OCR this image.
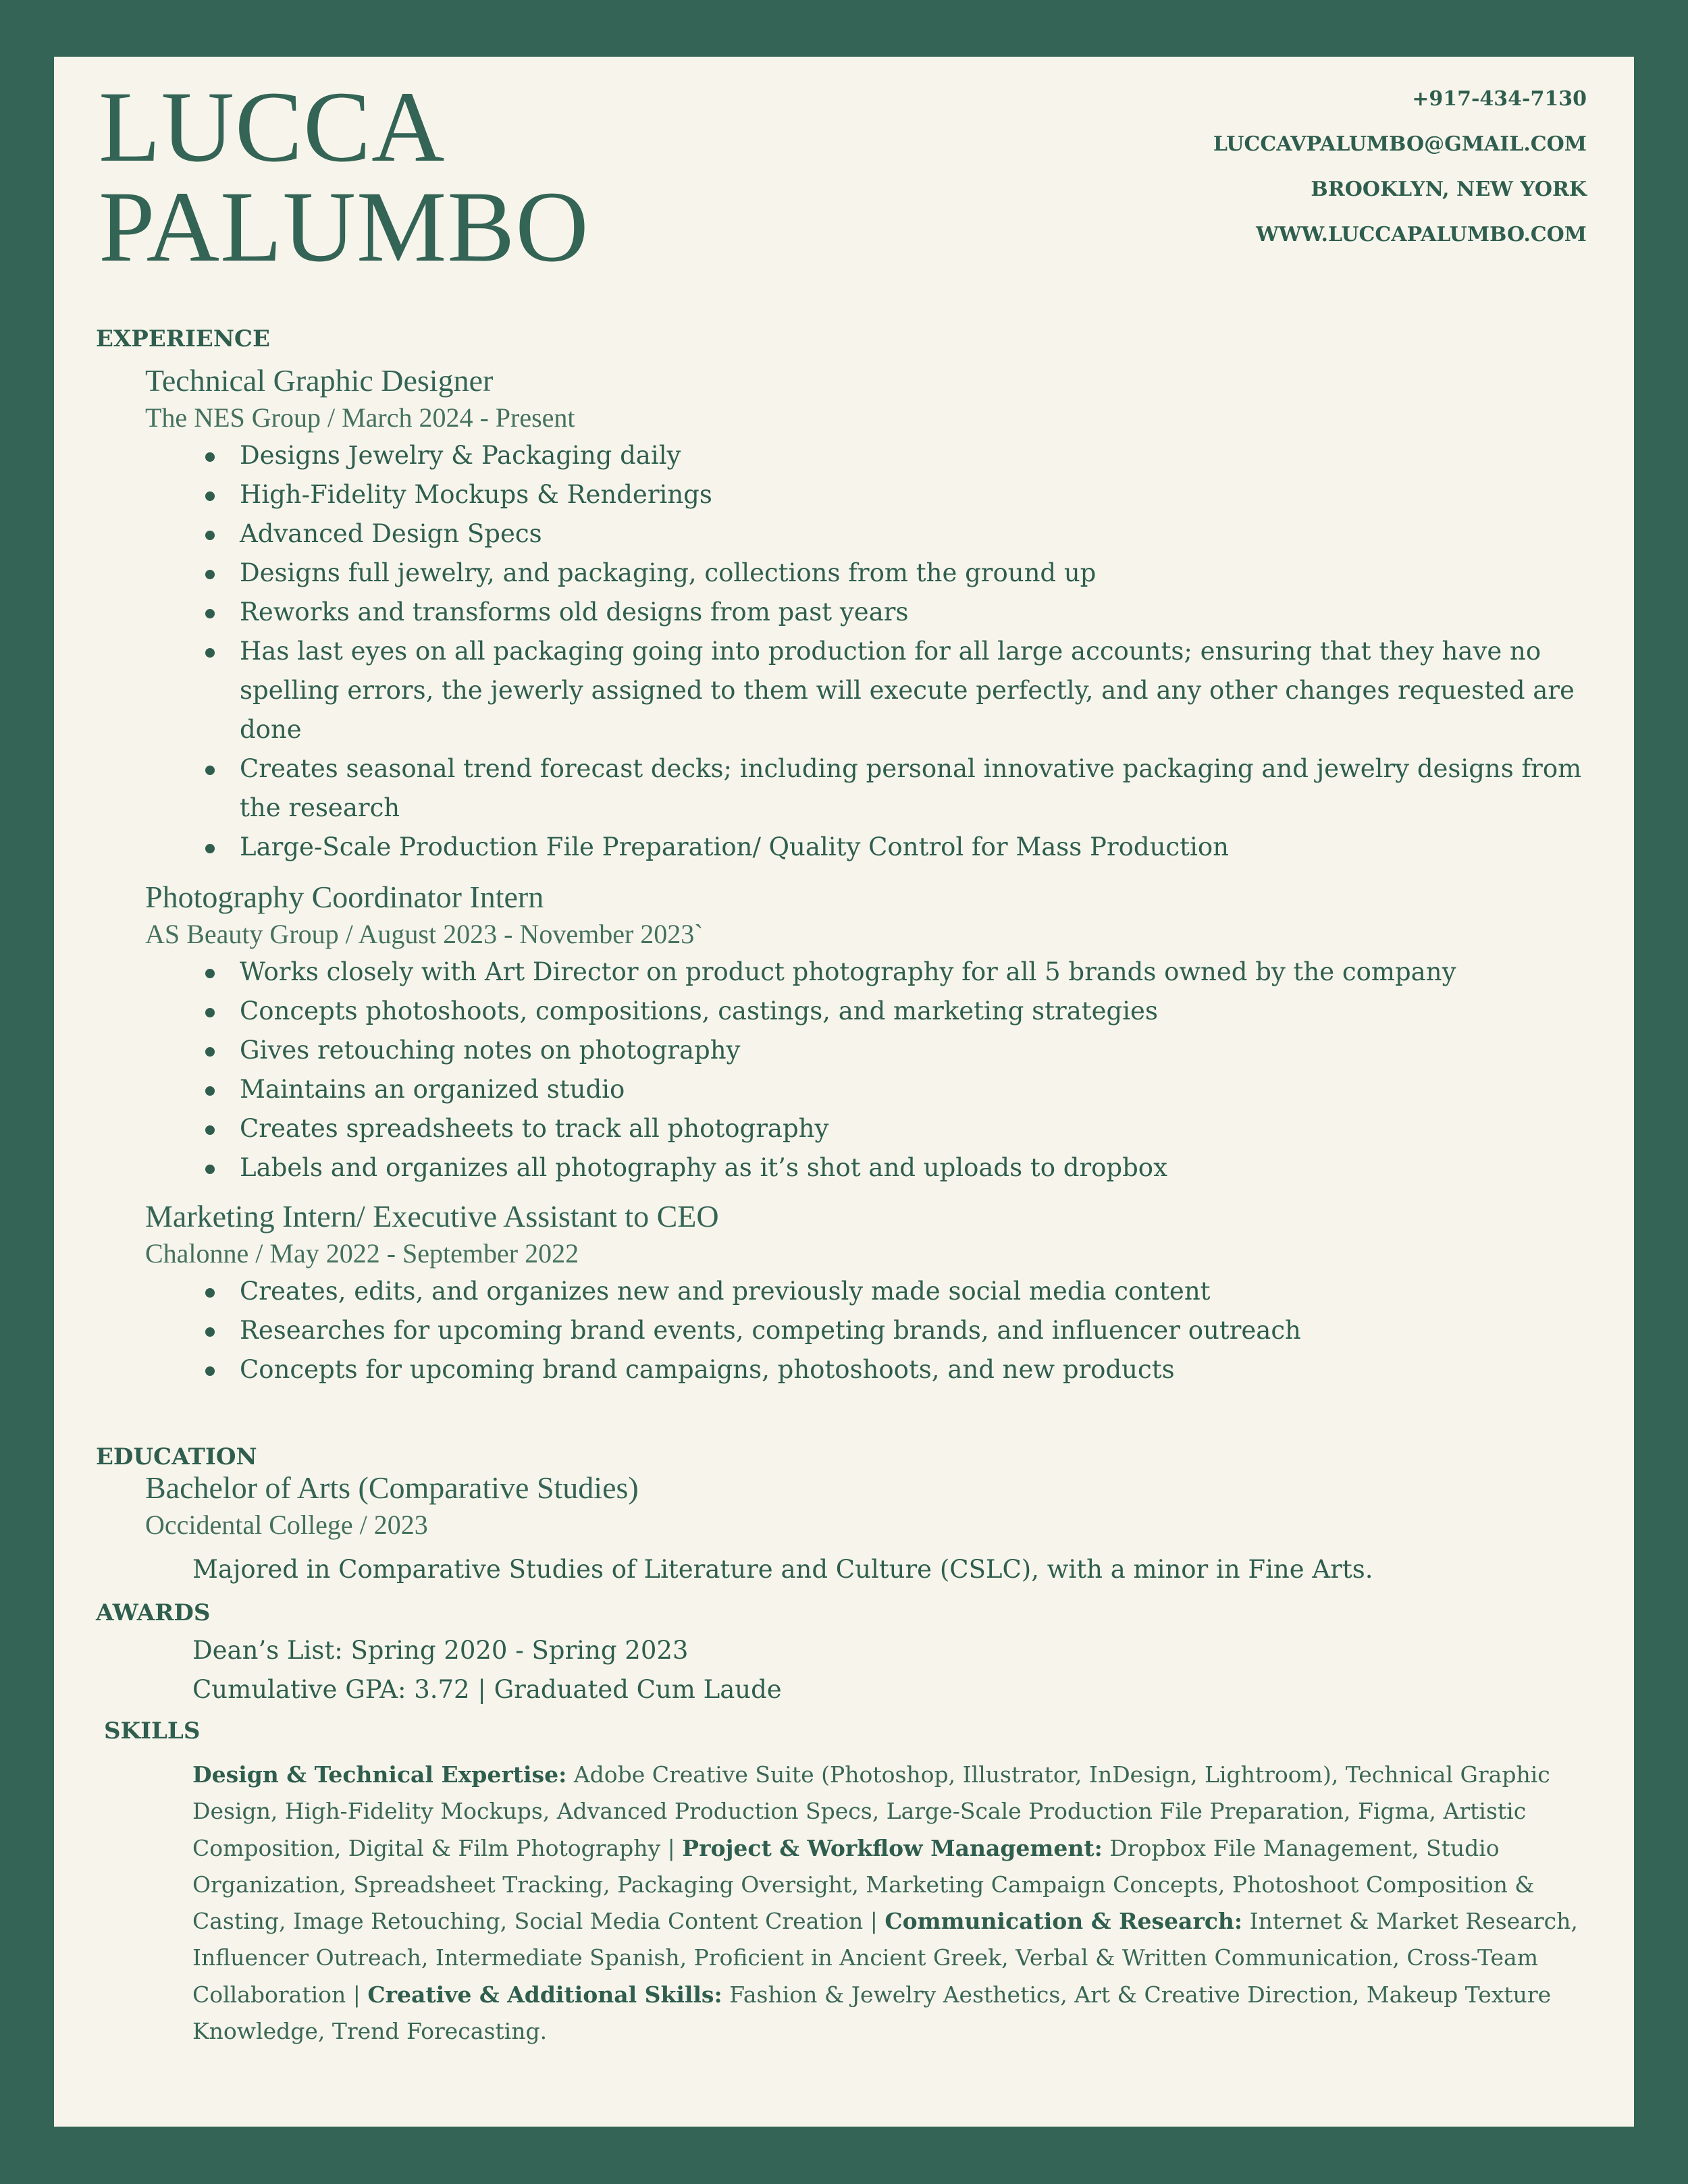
LUCCA
PALUMBO
+917-434-7130
LUCCAVPALUMBO@GMAIL.COM
BROOKLYN, NEW YORK
WWW.LUCCAPALUMBO.COM
EXPERIENCE
Technical Graphic Designer
The NES Group / March 2024 - Present
Designs Jewelry & Packaging daily
High-Fidelity Mockups & Renderings
Advanced Design Specs
Designs full jewelry, and packaging, collections from the ground up
Reworks and transforms old designs from past years
Has last eyes on all packaging going into production for all large accounts; ensuring that they have no spelling errors, the jewerly assigned to them will execute perfectly, and any other changes requested are done
Creates seasonal trend forecast decks; including personal innovative packaging and jewelry designs from the research
Large-Scale Production File Preparation/ Quality Control for Mass Production
Photography Coordinator Intern
AS Beauty Group / August 2023 - November 2023`
Works closely with Art Director on product photography for all 5 brands owned by the company
Concepts photoshoots, compositions, castings, and marketing strategies
Gives retouching notes on photography
Maintains an organized studio
Creates spreadsheets to track all photography
Labels and organizes all photography as it’s shot and uploads to dropbox
Marketing Intern/ Executive Assistant to CEO
Chalonne / May 2022 - September 2022
Creates, edits, and organizes new and previously made social media content
Researches for upcoming brand events, competing brands, and influencer outreach
Concepts for upcoming brand campaigns, photoshoots, and new products
EDUCATION
Bachelor of Arts (Comparative Studies)
Occidental College / 2023
Majored in Comparative Studies of Literature and Culture (CSLC), with a minor in Fine Arts.
AWARDS
Dean’s List: Spring 2020 - Spring 2023
Cumulative GPA: 3.72 | Graduated Cum Laude
SKILLS
Design & Technical Expertise: Adobe Creative Suite (Photoshop, Illustrator, InDesign, Lightroom), Technical Graphic Design, High-Fidelity Mockups, Advanced Production Specs, Large-Scale Production File Preparation, Figma, Artistic Composition, Digital & Film Photography | Project & Workflow Management: Dropbox File Management, Studio Organization, Spreadsheet Tracking, Packaging Oversight, Marketing Campaign Concepts, Photoshoot Composition & Casting, Image Retouching, Social Media Content Creation | Communication & Research: Internet & Market Research, Influencer Outreach, Intermediate Spanish, Proficient in Ancient Greek, Verbal & Written Communication, Cross-Team Collaboration | Creative & Additional Skills: Fashion & Jewelry Aesthetics, Art & Creative Direction, Makeup Texture Knowledge, Trend Forecasting.
